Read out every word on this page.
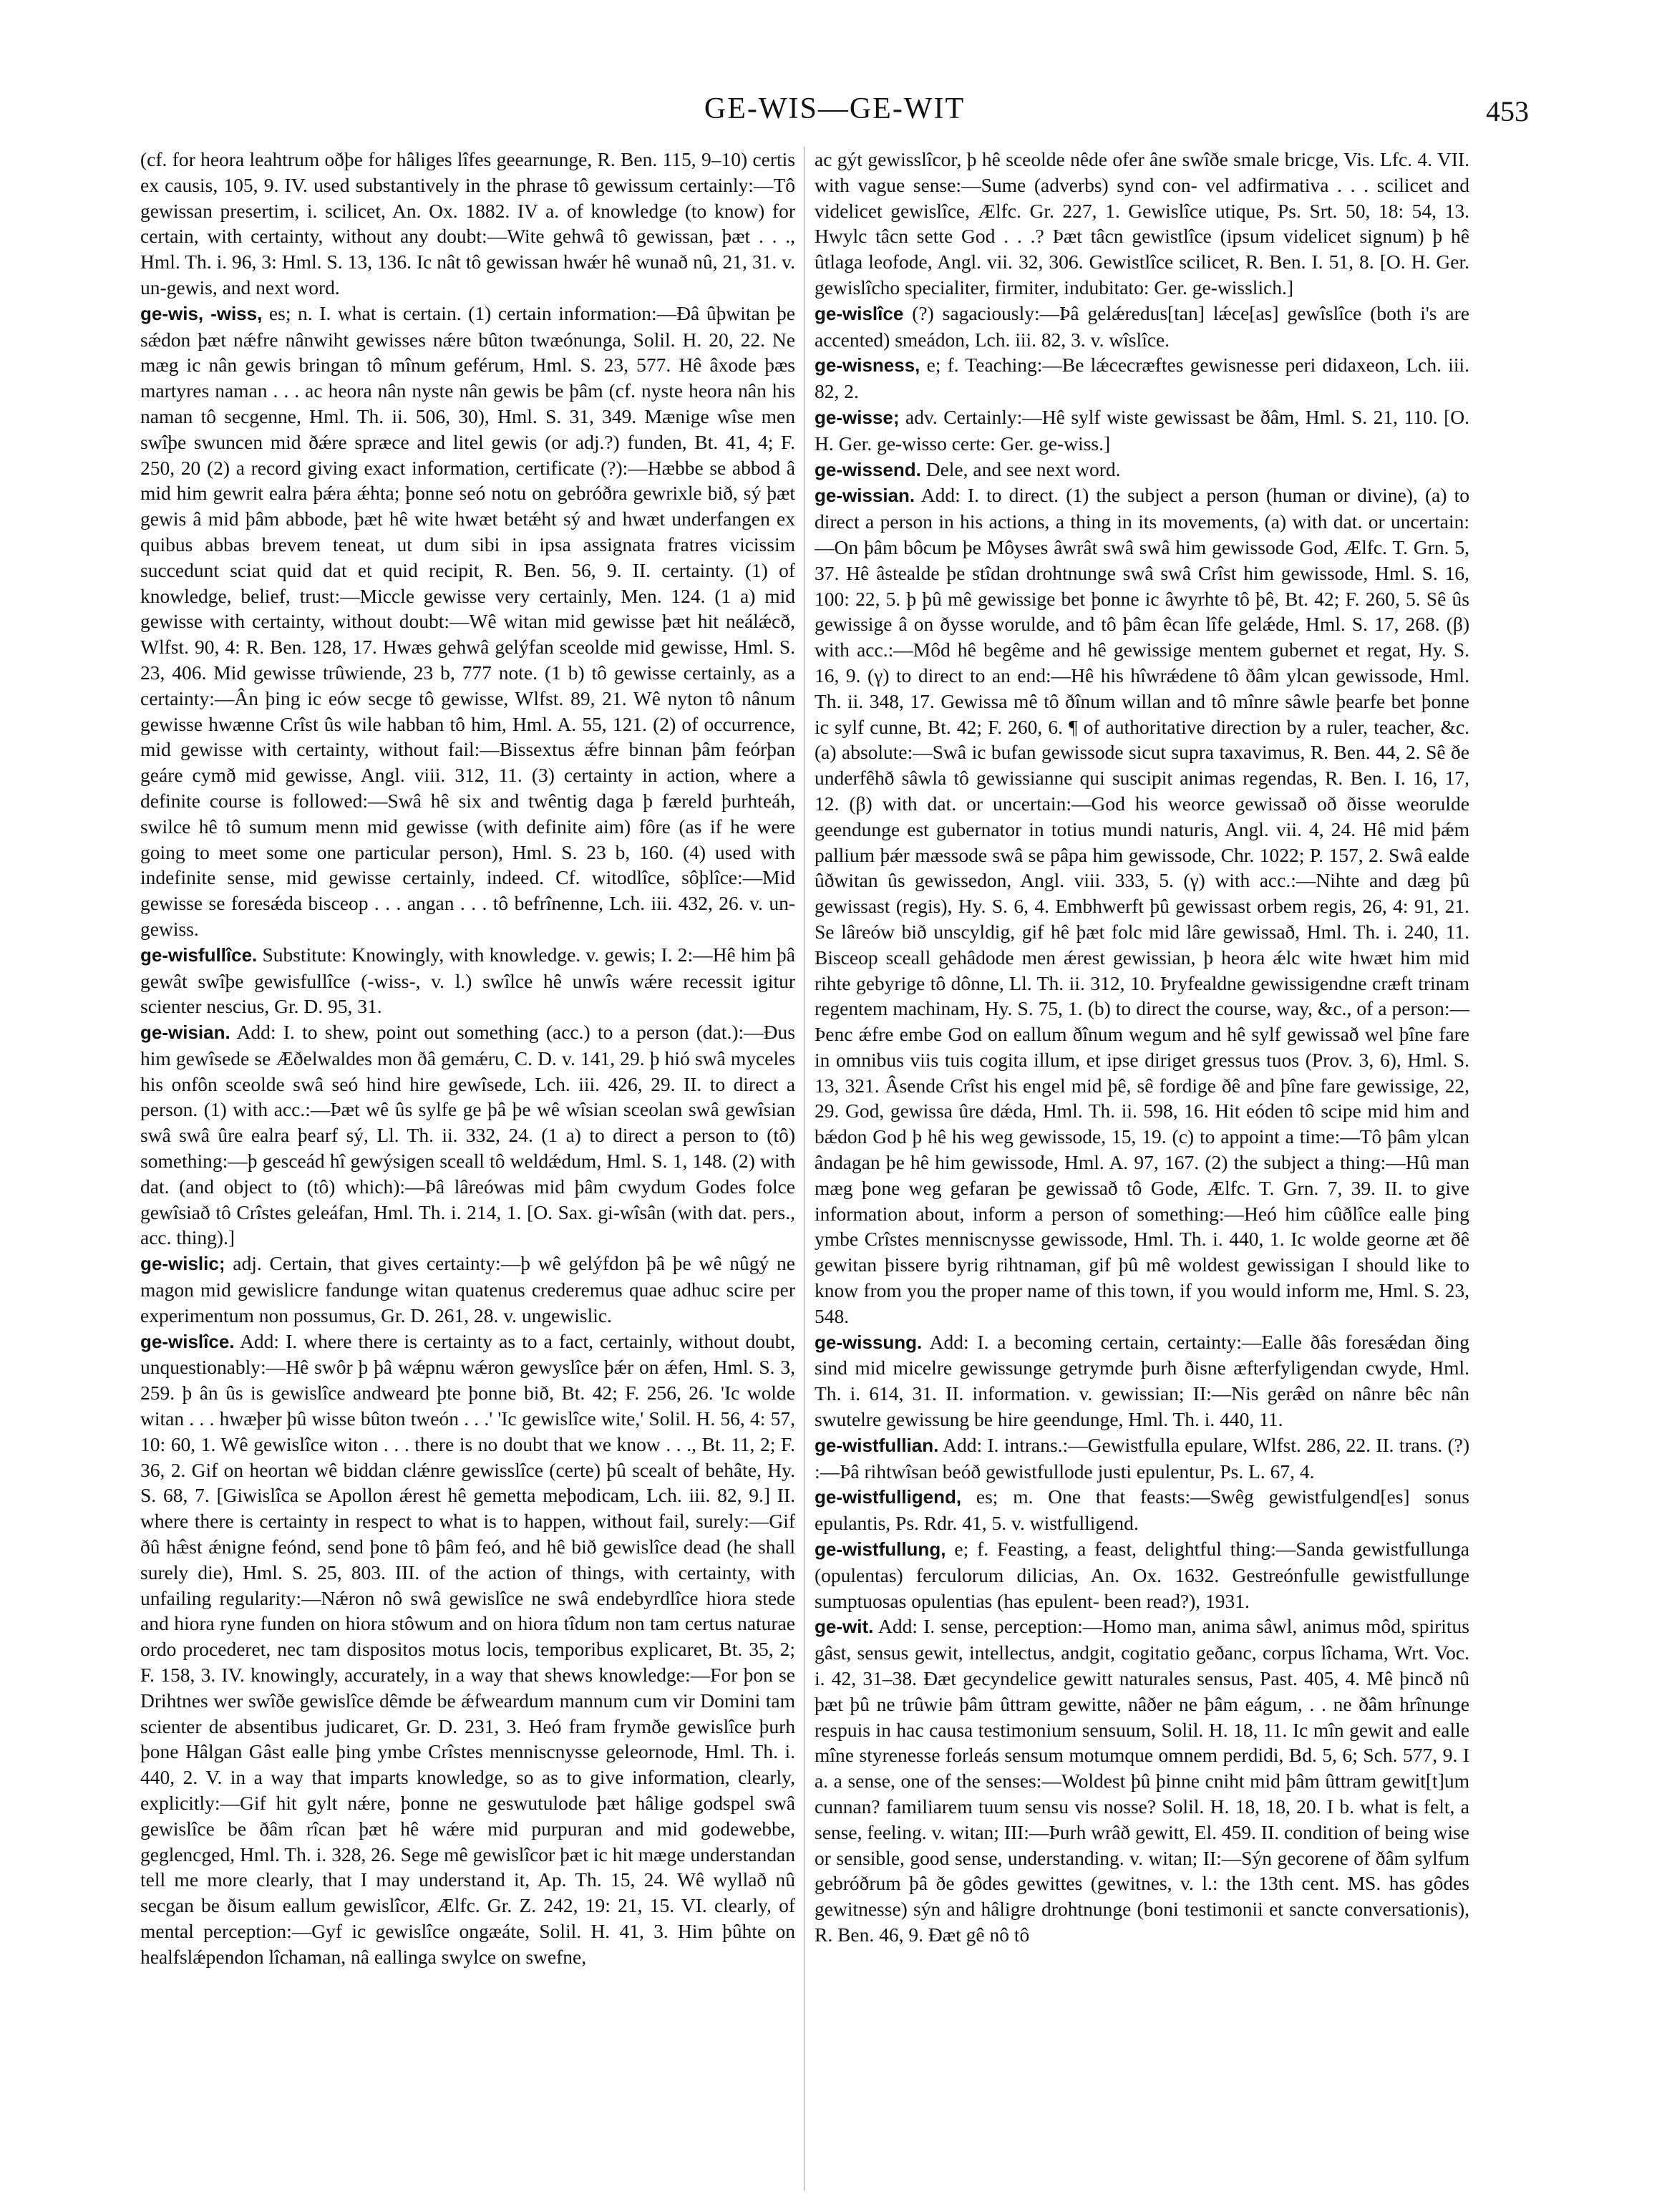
GE-WIS—GE-WIT	453

(cf. for heora leahtrum oðþe for hâliges lîfes geearnunge, R. Ben. 115, 9–10) certis ex causis, 105, 9. IV. used substantively in the phrase tô gewissum certainly:—Tô gewissan presertim, i. scilicet, An. Ox. 1882. IV a. of knowledge (to know) for certain, with certainty, without any doubt:—Wite gehwâ tô gewissan, þæt . . ., Hml. Th. i. 96, 3: Hml. S. 13, 136. Ic nât tô gewissan hwǽr hê wunað nû, 21, 31. v. un-gewis, and next word.

ge-wis, -wiss, es; n. I. what is certain. (1) certain information:—Ðâ ûþwitan þe sǽdon þæt nǽfre nânwiht gewisses nǽre bûton twæónunga, Solil. H. 20, 22. Ne mæg ic nân gewis bringan tô mînum geférum, Hml. S. 23, 577. Hê âxode þæs martyres naman . . . ac heora nân nyste nân gewis be þâm (cf. nyste heora nân his naman tô secgenne, Hml. Th. ii. 506, 30), Hml. S. 31, 349. Mænige wîse men swîþe swuncen mid ðǽre spræce and litel gewis (or adj.?) funden, Bt. 41, 4; F. 250, 20 (2) a record giving exact information, certificate (?):—Hæbbe se abbod â mid him gewrit ealra þǽra ǽhta; þonne seó notu on gebróðra gewrixle bið, sý þæt gewis â mid þâm abbode, þæt hê wite hwæt betǽht sý and hwæt underfangen ex quibus abbas brevem teneat, ut dum sibi in ipsa assignata fratres vicissim succedunt sciat quid dat et quid recipit, R. Ben. 56, 9. II. certainty. (1) of knowledge, belief, trust:—Miccle gewisse very certainly, Men. 124. (1 a) mid gewisse with certainty, without doubt:—Wê witan mid gewisse þæt hit neálǽcð, Wlfst. 90, 4: R. Ben. 128, 17. Hwæs gehwâ gelýfan sceolde mid gewisse, Hml. S. 23, 406. Mid gewisse trûwiende, 23 b, 777 note. (1 b) tô gewisse certainly, as a certainty:—Ân þing ic eów secge tô gewisse, Wlfst. 89, 21. Wê nyton tô nânum gewisse hwænne Crîst ûs wile habban tô him, Hml. A. 55, 121. (2) of occurrence, mid gewisse with certainty, without fail:—Bissextus ǽfre binnan þâm feórþan geáre cymð mid gewisse, Angl. viii. 312, 11. (3) certainty in action, where a definite course is followed:—Swâ hê six and twêntig daga þ færeld þurhteáh, swilce hê tô sumum menn mid gewisse (with definite aim) fôre (as if he were going to meet some one particular person), Hml. S. 23 b, 160. (4) used with indefinite sense, mid gewisse certainly, indeed. Cf. witodlîce, sôþlîce:—Mid gewisse se foresǽda bisceop . . . angan . . . tô befrînenne, Lch. iii. 432, 26. v. un-gewiss.

ge-wisfullîce. Substitute: Knowingly, with knowledge. v. gewis; I. 2:—Hê him þâ gewât swîþe gewisfullîce (-wiss-, v. l.) swîlce hê unwîs wǽre recessit igitur scienter nescius, Gr. D. 95, 31.

ge-wisian. Add: I. to shew, point out something (acc.) to a person (dat.):—Ðus him gewîsede se Æðelwaldes mon ðâ gemǽru, C. D. v. 141, 29. þ hió swâ myceles his onfôn sceolde swâ seó hind hire gewîsede, Lch. iii. 426, 29. II. to direct a person. (1) with acc.:—Þæt wê ûs sylfe ge þâ þe wê wîsian sceolan swâ gewîsian swâ swâ ûre ealra þearf sý, Ll. Th. ii. 332, 24. (1 a) to direct a person to (tô) something:—þ gesceád hî gewýsigen sceall tô weldǽdum, Hml. S. 1, 148. (2) with dat. (and object to (tô) which):—Þâ lâreówas mid þâm cwydum Godes folce gewîsiað tô Crîstes geleáfan, Hml. Th. i. 214, 1. [O. Sax. gi-wîsân (with dat. pers., acc. thing).]

ge-wislic; adj. Certain, that gives certainty:—þ wê gelýfdon þâ þe wê nûgý ne magon mid gewislicre fandunge witan quatenus crederemus quae adhuc scire per experimentum non possumus, Gr. D. 261, 28. v. ungewislic.

ge-wislîce. Add: I. where there is certainty as to a fact, certainly, without doubt, unquestionably:—Hê swôr þ þâ wǽpnu wǽron gewyslîce þǽr on ǽfen, Hml. S. 3, 259. þ ân ûs is gewislîce andweard þte þonne bið, Bt. 42; F. 256, 26. 'Ic wolde witan . . . hwæþer þû wisse bûton tweón . . .' 'Ic gewislîce wite,' Solil. H. 56, 4: 57, 10: 60, 1. Wê gewislîce witon . . . there is no doubt that we know . . ., Bt. 11, 2; F. 36, 2. Gif on heortan wê biddan clǽnre gewisslîce (certe) þû scealt of behâte, Hy. S. 68, 7. [Giwislîca se Apollon ǽrest hê gemetta meþodicam, Lch. iii. 82, 9.] II. where there is certainty in respect to what is to happen, without fail, surely:—Gif ðû hæ̂st ǽnigne feónd, send þone tô þâm feó, and hê bið gewislîce dead (he shall surely die), Hml. S. 25, 803. III. of the action of things, with certainty, with unfailing regularity:—Nǽron nô swâ gewislîce ne swâ endebyrdlîce hiora stede and hiora ryne funden on hiora stôwum and on hiora tîdum non tam certus naturae ordo procederet, nec tam dispositos motus locis, temporibus explicaret, Bt. 35, 2; F. 158, 3. IV. knowingly, accurately, in a way that shews knowledge:—For þon se Drihtnes wer swîðe gewislîce dêmde be ǽfweardum mannum cum vir Domini tam scienter de absentibus judicaret, Gr. D. 231, 3. Heó fram frymðe gewislîce þurh þone Hâlgan Gâst ealle þing ymbe Crîstes menniscnysse geleornode, Hml. Th. i. 440, 2. V. in a way that imparts knowledge, so as to give information, clearly, explicitly:—Gif hit gylt nǽre, þonne ne geswutulode þæt hâlige godspel swâ gewislîce be ðâm rîcan þæt hê wǽre mid purpuran and mid godewebbe, geglencged, Hml. Th. i. 328, 26. Sege mê gewislîcor þæt ic hit mæge understandan tell me more clearly, that I may understand it, Ap. Th. 15, 24. Wê wyllað nû secgan be ðisum eallum gewislîcor, Ælfc. Gr. Z. 242, 19: 21, 15. VI. clearly, of mental perception:—Gyf ic gewislîce ongæáte, Solil. H. 41, 3. Him þûhte on healfslǽpendon lîchaman, nâ eallinga swylce on swefne,

ac gýt gewisslîcor, þ hê sceolde nêde ofer âne swîðe smale bricge, Vis. Lfc. 4. VII. with vague sense:—Sume (adverbs) synd con- vel adfirmativa . . . scilicet and videlicet gewislîce, Ælfc. Gr. 227, 1. Gewislîce utique, Ps. Srt. 50, 18: 54, 13. Hwylc tâcn sette God . . .? Þæt tâcn gewistlîce (ipsum videlicet signum) þ hê ûtlaga leofode, Angl. vii. 32, 306. Gewistlîce scilicet, R. Ben. I. 51, 8. [O. H. Ger. gewislîcho specialiter, firmiter, indubitato: Ger. ge-wisslich.]

ge-wislîce (?) sagaciously:—Þâ gelǽredus[tan] lǽce[as] gewîslîce (both i's are accented) smeádon, Lch. iii. 82, 3. v. wîslîce.

ge-wisness, e; f. Teaching:—Be lǽcecræftes gewisnesse peri didaxeon, Lch. iii. 82, 2.

ge-wisse; adv. Certainly:—Hê sylf wiste gewissast be ðâm, Hml. S. 21, 110. [O. H. Ger. ge-wisso certe: Ger. ge-wiss.]

ge-wissend. Dele, and see next word.

ge-wissian. Add: I. to direct. (1) the subject a person (human or divine), (a) to direct a person in his actions, a thing in its movements, (a) with dat. or uncertain:—On þâm bôcum þe Môyses âwrât swâ swâ him gewissode God, Ælfc. T. Grn. 5, 37. Hê âstealde þe stîdan drohtnunge swâ swâ Crîst him gewissode, Hml. S. 16, 100: 22, 5. þ þû mê gewissige bet þonne ic âwyrhte tô þê, Bt. 42; F. 260, 5. Sê ûs gewissige â on ðysse worulde, and tô þâm êcan lîfe gelǽde, Hml. S. 17, 268. (β) with acc.:—Môd hê begême and hê gewissige mentem gubernet et regat, Hy. S. 16, 9. (γ) to direct to an end:—Hê his hîwrǽdene tô ðâm ylcan gewissode, Hml. Th. ii. 348, 17. Gewissa mê tô ðînum willan and tô mînre sâwle þearfe bet þonne ic sylf cunne, Bt. 42; F. 260, 6. ¶ of authoritative direction by a ruler, teacher, &c. (a) absolute:—Swâ ic bufan gewissode sicut supra taxavimus, R. Ben. 44, 2. Sê ðe underfêhð sâwla tô gewissianne qui suscipit animas regendas, R. Ben. I. 16, 17, 12. (β) with dat. or uncertain:—God his weorce gewissað oð ðisse weorulde geendunge est gubernator in totius mundi naturis, Angl. vii. 4, 24. Hê mid þǽm pallium þǽr mæssode swâ se pâpa him gewissode, Chr. 1022; P. 157, 2. Swâ ealde ûðwitan ûs gewissedon, Angl. viii. 333, 5. (γ) with acc.:—Nihte and dæg þû gewissast (regis), Hy. S. 6, 4. Embhwerft þû gewissast orbem regis, 26, 4: 91, 21. Se lâreów bið unscyldig, gif hê þæt folc mid lâre gewissað, Hml. Th. i. 240, 11. Bisceop sceall gehâdode men ǽrest gewissian, þ heora ǽlc wite hwæt him mid rihte gebyrige tô dônne, Ll. Th. ii. 312, 10. Þryfealdne gewissigendne cræft trinam regentem machinam, Hy. S. 75, 1. (b) to direct the course, way, &c., of a person:—Þenc ǽfre embe God on eallum ðînum wegum and hê sylf gewissað wel þîne fare in omnibus viis tuis cogita illum, et ipse diriget gressus tuos (Prov. 3, 6), Hml. S. 13, 321. Âsende Crîst his engel mid þê, sê fordige ðê and þîne fare gewissige, 22, 29. God, gewissa ûre dǽda, Hml. Th. ii. 598, 16. Hit eóden tô scipe mid him and bǽdon God þ hê his weg gewissode, 15, 19. (c) to appoint a time:—Tô þâm ylcan ândagan þe hê him gewissode, Hml. A. 97, 167. (2) the subject a thing:—Hû man mæg þone weg gefaran þe gewissað tô Gode, Ælfc. T. Grn. 7, 39. II. to give information about, inform a person of something:—Heó him cûðlîce ealle þing ymbe Crîstes menniscnysse gewissode, Hml. Th. i. 440, 1. Ic wolde geornе æt ðê gewitan þissere byrig rihtnaman, gif þû mê woldest gewissigan I should like to know from you the proper name of this town, if you would inform me, Hml. S. 23, 548.

ge-wissung. Add: I. a becoming certain, certainty:—Ealle ðâs foresǽdan ðing sind mid micelre gewissunge getrymde þurh ðisne æfterfyligendan cwyde, Hml. Th. i. 614, 31. II. information. v. gewissian; II:—Nis geræ̂d on nânre bêc nân swutelre gewissung be hire geendunge, Hml. Th. i. 440, 11.

ge-wistfullian. Add: I. intrans.:—Gewistfulla epulare, Wlfst. 286, 22. II. trans. (?) :—Þâ rihtwîsan beóð gewistfullode justi epulentur, Ps. L. 67, 4.

ge-wistfulligend, es; m. One that feasts:—Swêg gewistfulgend[es] sonus epulantis, Ps. Rdr. 41, 5. v. wistfulligend.

ge-wistfullung, e; f. Feasting, a feast, delightful thing:—Sanda gewistfullunga (opulentas) ferculorum dilicias, An. Ox. 1632. Gestreónfulle gewistfullunge sumptuosas opulentias (has epulent- been read?), 1931.

ge-wit. Add: I. sense, perception:—Homo man, anima sâwl, animus môd, spiritus gâst, sensus gewit, intellectus, andgit, cogitatio geðanc, corpus lîchama, Wrt. Voc. i. 42, 31–38. Ðæt gecyndelice gewitt naturales sensus, Past. 405, 4. Mê þincð nû þæt þû ne trûwie þâm ûttram gewitte, nâðer ne þâm eágum, . . ne ðâm hrînunge respuis in hac causa testimonium sensuum, Solil. H. 18, 11. Ic mîn gewit and ealle mîne styrenesse forleás sensum motumque omnem perdidi, Bd. 5, 6; Sch. 577, 9. I a. a sense, one of the senses:—Woldest þû þinne cniht mid þâm ûttram gewit[t]um cunnan? familiarem tuum sensu vis nosse? Solil. H. 18, 18, 20. I b. what is felt, a sense, feeling. v. witan; III:—Þurh wrâð gewitt, El. 459. II. condition of being wise or sensible, good sense, understanding. v. witan; II:—Sýn gecorene of ðâm sylfum gebróðrum þâ ðe gôdes gewittes (gewitnes, v. l.: the 13th cent. MS. has gôdes gewitnesse) sýn and hâligre drohtnunge (boni testimonii et sancte conversationis), R. Ben. 46, 9. Ðæt gê nô tô
